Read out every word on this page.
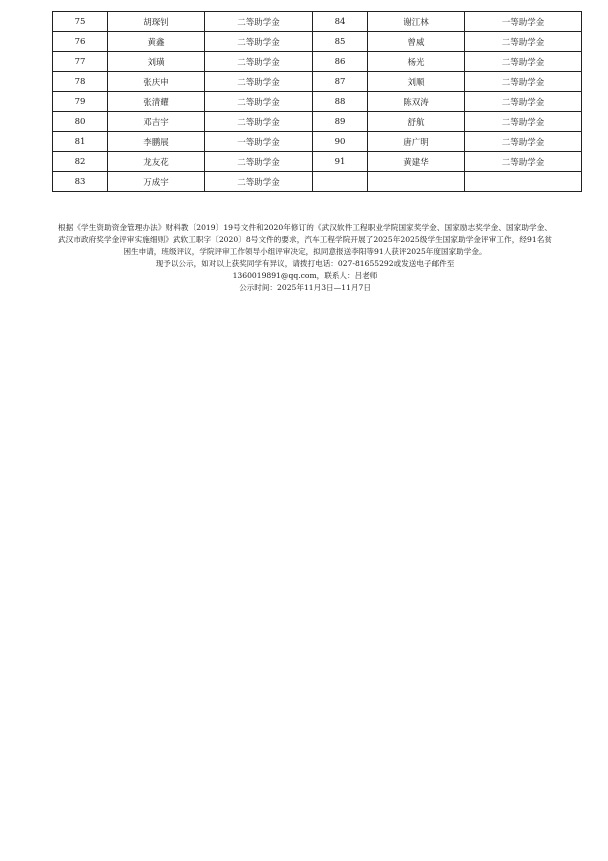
75	胡琛钊	二等助学金	84	谢江林	一等助学金
76	黄鑫	二等助学金	85	曾威	二等助学金
77	刘璜	二等助学金	86	杨光	二等助学金
78	张庆申	二等助学金	87	刘顺	二等助学金
79	张清耀	二等助学金	88	陈双涛	二等助学金
80	邓吉宇	二等助学金	89	舒航	二等助学金
81	李鹏展	一等助学金	90	唐广明	二等助学金
82	龙友花	二等助学金	91	黄建华	二等助学金
83	万成宇	二等助学金			

根据《学生资助资金管理办法》财科教〔2019〕19号文件和2020年修订的《武汉软件工程职业学院国家奖学金、国家励志奖学金、国家助学金、武汉市政府奖学金评审实施细则》武软工职字〔2020〕8号文件的要求，汽车工程学院开展了2025年2025级学生国家助学金评审工作，经91名贫困生申请，班级评议，学院评审工作领导小组评审决定，拟同意报送李阳等91人获评2025年度国家助学金。

现予以公示，如对以上获奖同学有异议，请拨打电话：027-81655292或发送电子邮件至

1360019891@qq.com，联系人：吕老师

公示时间：2025年11月3日—11月7日
